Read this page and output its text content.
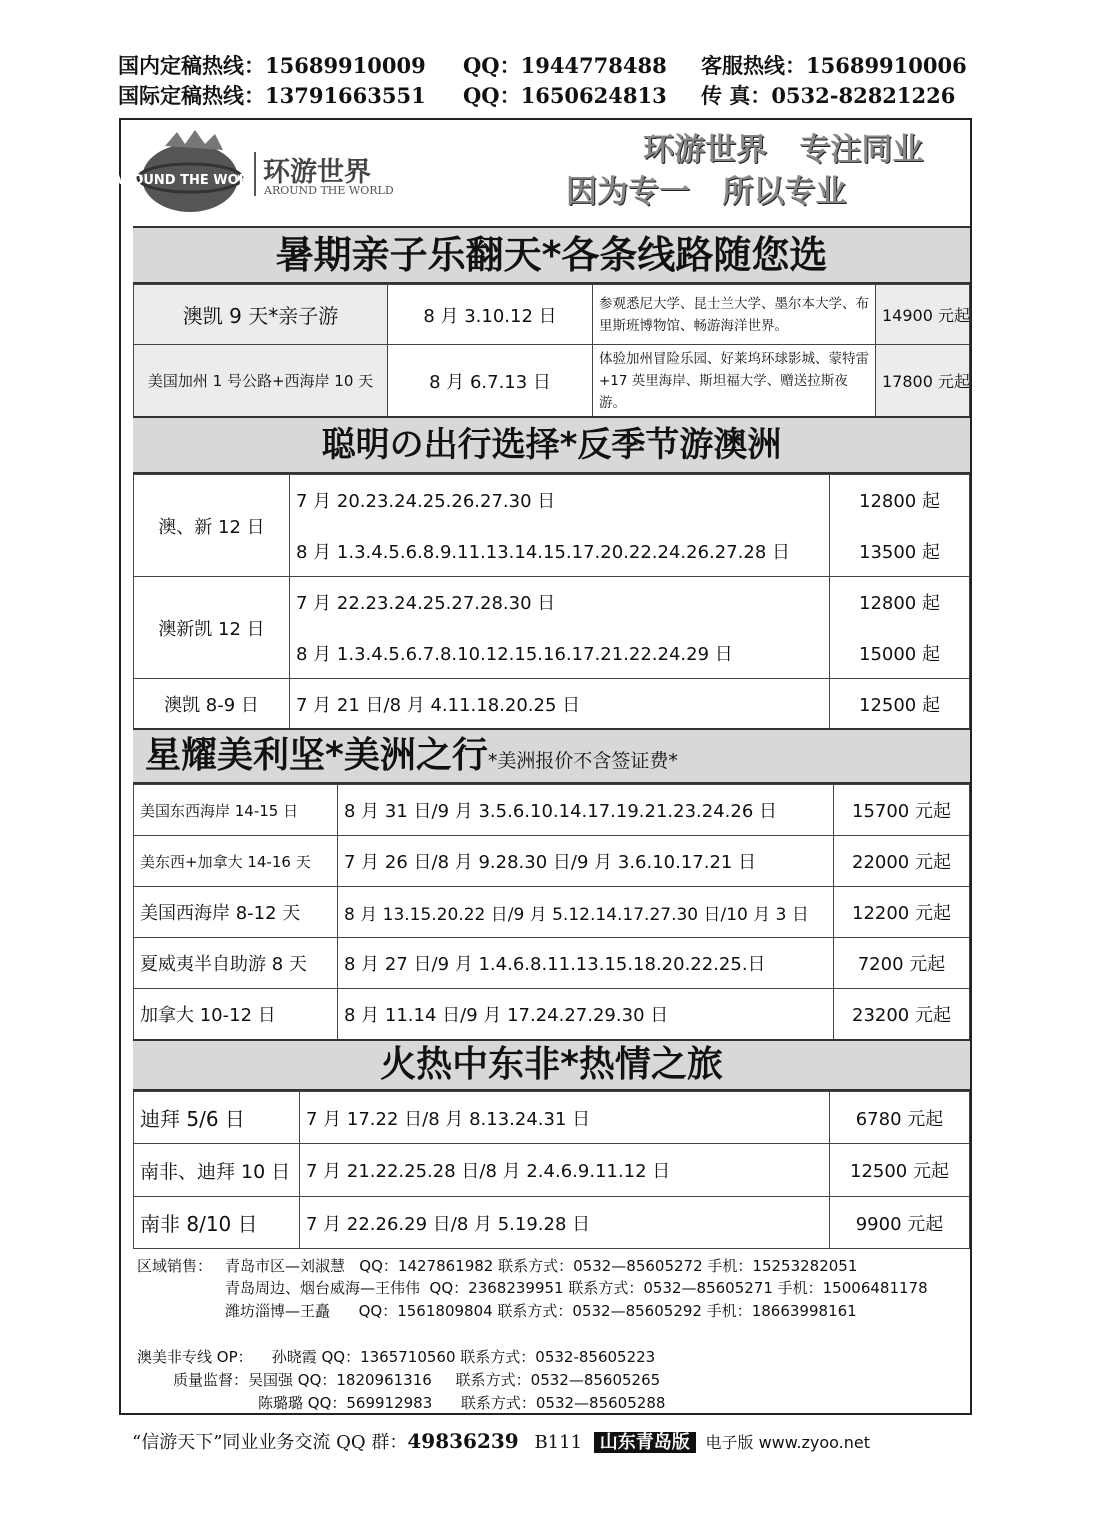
国内定稿热线：15689910009 QQ：1944778488 客服热线：15689910006
国际定稿热线：13791663551 QQ：1650624813 传 真：0532-82821226
AROUND THE WORLD
环游世界
AROUND THE WORLD
环游世界   专注同业
因为专一   所以专业
暑期亲子乐翻天*各条线路随您选
澳凯 9 天*亲子游	8 月 3.10.12 日	参观悉尼大学、昆士兰大学、墨尔本大学、布里斯班博物馆、畅游海洋世界。	14900 元起
美国加州 1 号公路+西海岸 10 天	8 月 6.7.13 日	体验加州冒险乐园、好莱坞环球影城、蒙特雷+17 英里海岸、斯坦福大学、赠送拉斯夜游。	17800 元起
聪明の出行选择*反季节游澳洲
澳、新 12 日	7 月 20.23.24.25.26.27.30 日	12800 起
	8 月 1.3.4.5.6.8.9.11.13.14.15.17.20.22.24.26.27.28 日	13500 起
澳新凯 12 日	7 月 22.23.24.25.27.28.30 日	12800 起
	8 月 1.3.4.5.6.7.8.10.12.15.16.17.21.22.24.29 日	15000 起
澳凯 8-9 日	7 月 21 日/8 月 4.11.18.20.25 日	12500 起
星耀美利坚*美洲之行*美洲报价不含签证费*
美国东西海岸 14-15 日	8 月 31 日/9 月 3.5.6.10.14.17.19.21.23.24.26 日	15700 元起
美东西+加拿大 14-16 天	7 月 26 日/8 月 9.28.30 日/9 月 3.6.10.17.21 日	22000 元起
美国西海岸 8-12 天	8 月 13.15.20.22 日/9 月 5.12.14.17.27.30 日/10 月 3 日	12200 元起
夏威夷半自助游 8 天	8 月 27 日/9 月 1.4.6.8.11.13.15.18.20.22.25.日	7200 元起
加拿大 10-12 日	8 月 11.14 日/9 月 17.24.27.29.30 日	23200 元起
火热中东非*热情之旅
迪拜 5/6 日	7 月 17.22 日/8 月 8.13.24.31 日	6780 元起
南非、迪拜 10 日	7 月 21.22.25.28 日/8 月 2.4.6.9.11.12 日	12500 元起
南非 8/10 日	7 月 22.26.29 日/8 月 5.19.28 日	9900 元起
区域销售： 青岛市区—刘淑慧   QQ：1427861982 联系方式：0532—85605272 手机：15253282051
青岛周边、烟台威海—王伟伟  QQ：2368239951 联系方式：0532—85605271 手机：15006481178
潍坊淄博—王矗      QQ：1561809804 联系方式：0532—85605292 手机：18663998161
澳美非专线 OP：    孙晓霞 QQ：1365710560 联系方式：0532-85605223
质量监督：吴国强 QQ：1820961316     联系方式：0532—85605265
陈璐璐 QQ：569912983      联系方式：0532—85605288
“信游天下”同业业务交流 QQ 群：49836239 B111 山东青岛版 电子版 www.zyoo.net
